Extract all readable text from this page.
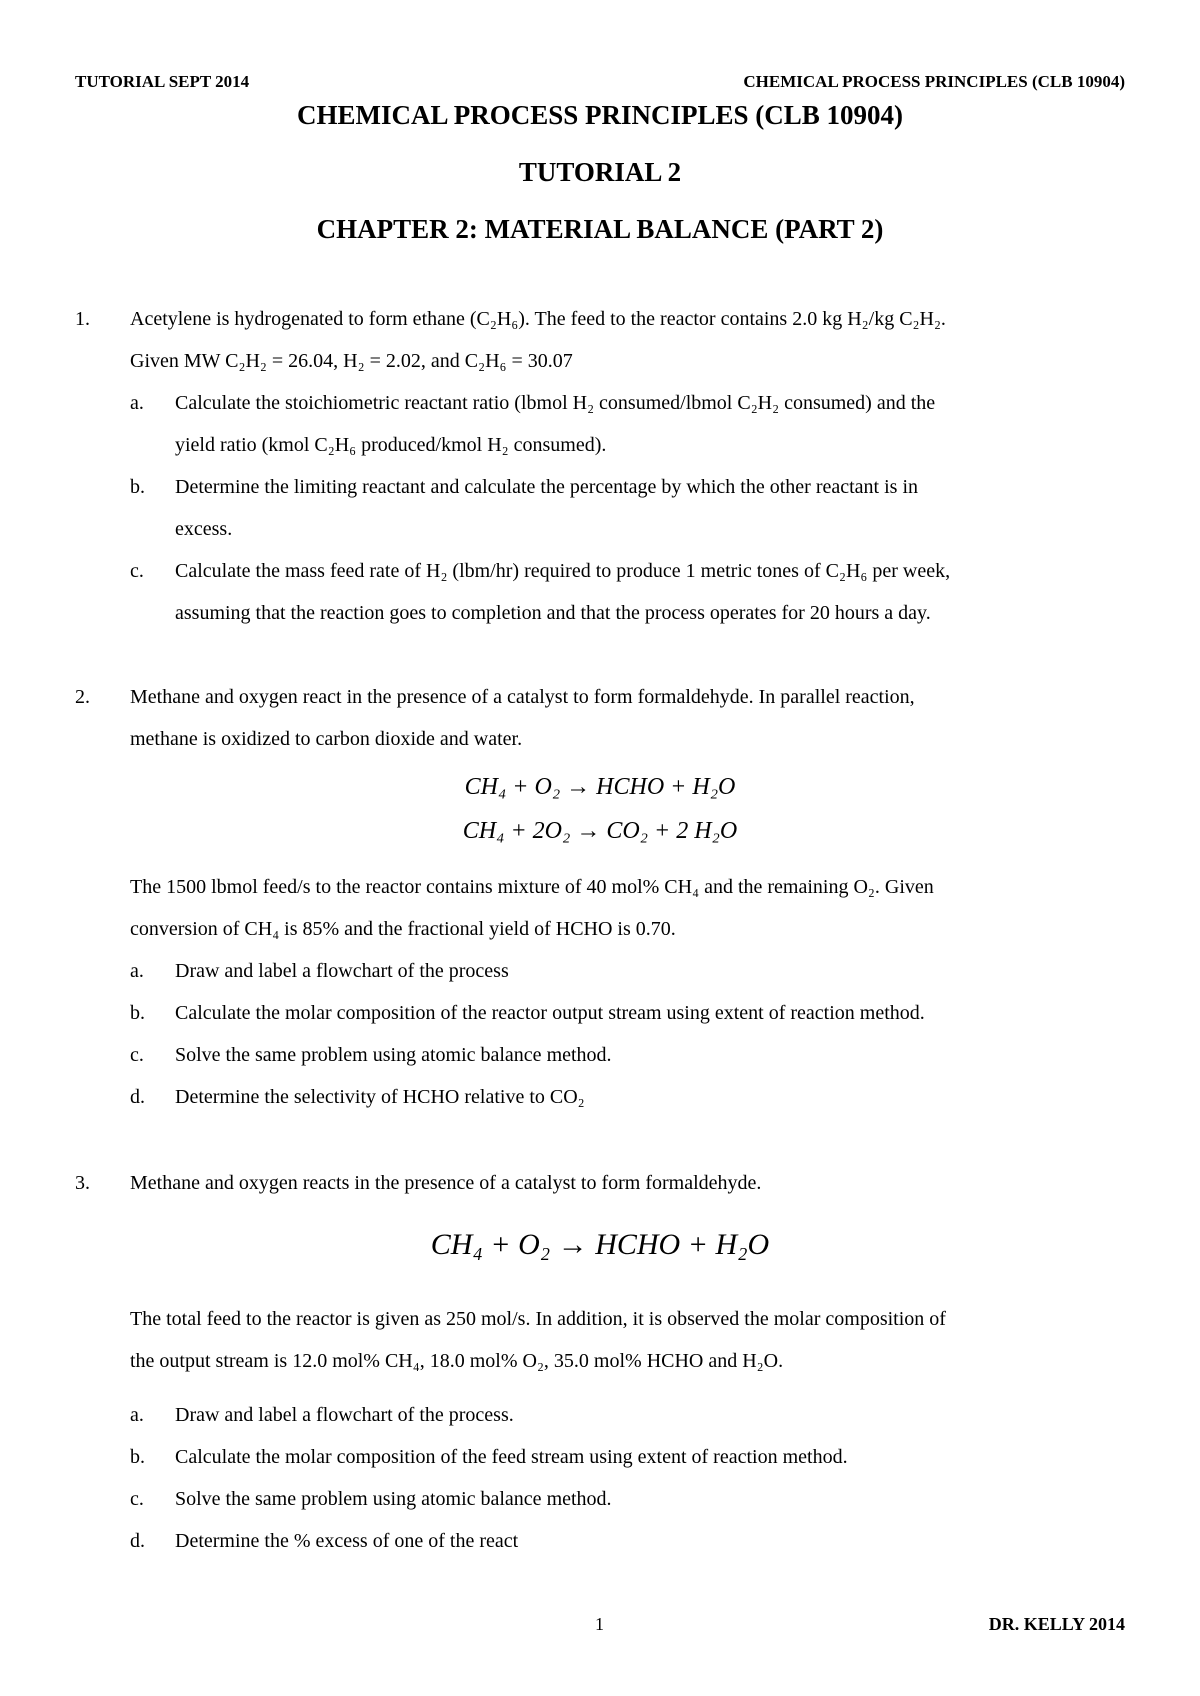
TUTORIAL SEPT 2014	CHEMICAL PROCESS PRINCIPLES (CLB 10904)
CHEMICAL PROCESS PRINCIPLES (CLB 10904)
TUTORIAL 2
CHAPTER 2: MATERIAL BALANCE (PART 2)
1. Acetylene is hydrogenated to form ethane (C₂H₆). The feed to the reactor contains 2.0 kg H₂/kg C₂H₂.
Given MW C₂H₂ = 26.04, H₂ = 2.02, and C₂H₆ = 30.07
a. Calculate the stoichiometric reactant ratio (lbmol H₂ consumed/lbmol C₂H₂ consumed) and the
yield ratio (kmol C₂H₆ produced/kmol H₂ consumed).
b. Determine the limiting reactant and calculate the percentage by which the other reactant is in
excess.
c. Calculate the mass feed rate of H₂ (lbm/hr) required to produce 1 metric tones of C₂H₆ per week,
assuming that the reaction goes to completion and that the process operates for 20 hours a day.
2. Methane and oxygen react in the presence of a catalyst to form formaldehyde. In parallel reaction,
methane is oxidized to carbon dioxide and water.
CH₄ + O₂ → HCHO + H₂O
CH₄ + 2O₂ → CO₂ + 2 H₂O
The 1500 lbmol feed/s to the reactor contains mixture of 40 mol% CH₄ and the remaining O₂. Given
conversion of CH₄ is 85% and the fractional yield of HCHO is 0.70.
a. Draw and label a flowchart of the process
b. Calculate the molar composition of the reactor output stream using extent of reaction method.
c. Solve the same problem using atomic balance method.
d. Determine the selectivity of HCHO relative to CO₂
3. Methane and oxygen reacts in the presence of a catalyst to form formaldehyde.
CH₄ + O₂ → HCHO + H₂O
The total feed to the reactor is given as 250 mol/s. In addition, it is observed the molar composition of
the output stream is 12.0 mol% CH₄, 18.0 mol% O₂, 35.0 mol% HCHO and H₂O.
a. Draw and label a flowchart of the process.
b. Calculate the molar composition of the feed stream using extent of reaction method.
c. Solve the same problem using atomic balance method.
d. Determine the % excess of one of the react
1	DR. KELLY 2014
